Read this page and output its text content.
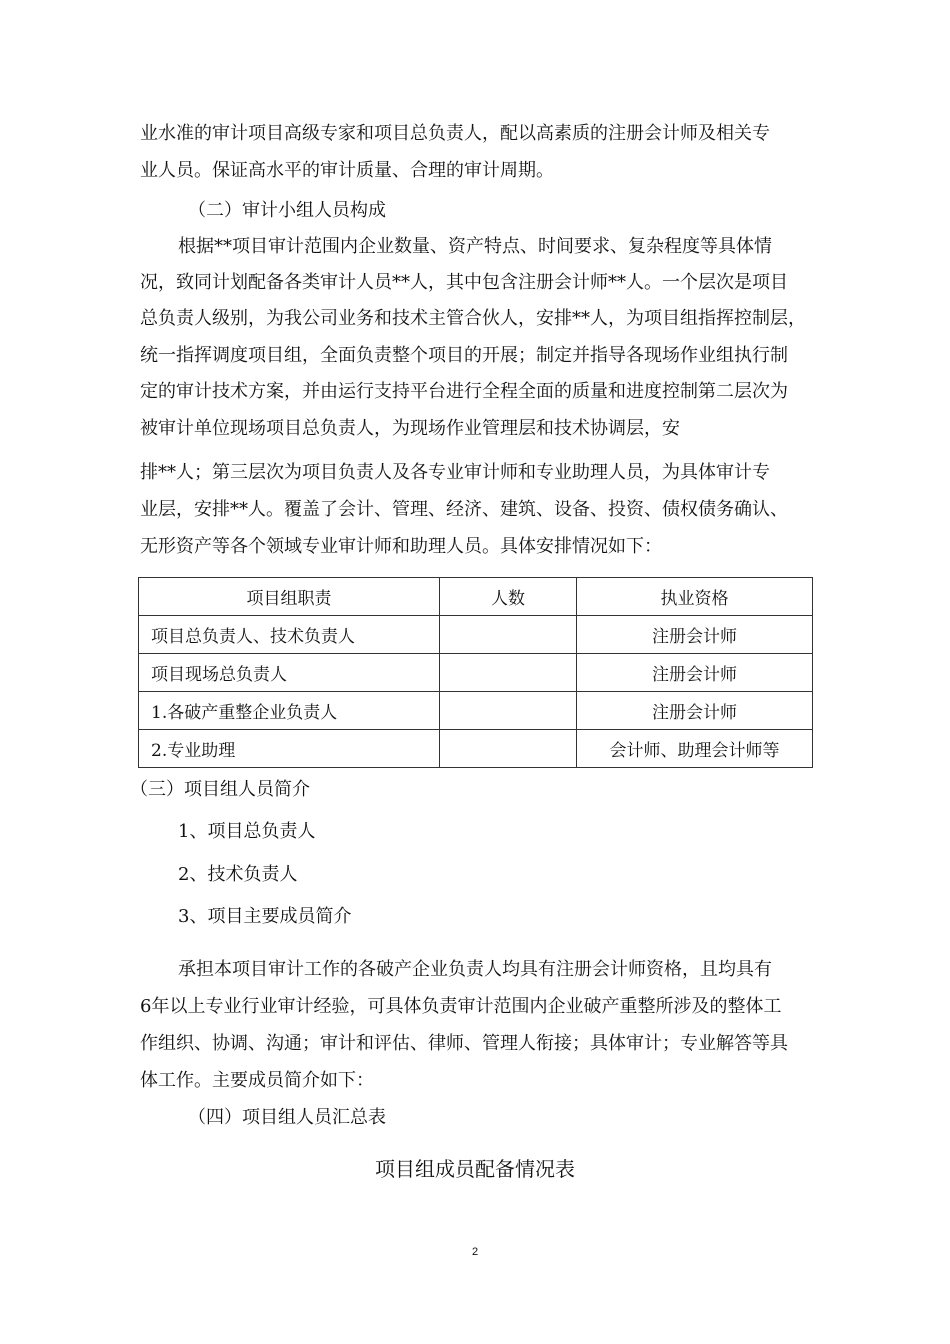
业水准的审计项目高级专家和项目总负责人，配以高素质的注册会计师及相关专
业人员。保证高水平的审计质量、合理的审计周期。
（二）审计小组人员构成
根据**项目审计范围内企业数量、资产特点、时间要求、复杂程度等具体情
况，致同计划配备各类审计人员**人，其中包含注册会计师**人。一个层次是项目
总负责人级别，为我公司业务和技术主管合伙人，安排**人，为项目组指挥控制层，
统一指挥调度项目组，全面负责整个项目的开展；制定并指导各现场作业组执行制
定的审计技术方案，并由运行支持平台进行全程全面的质量和进度控制第二层次为
被审计单位现场项目总负责人，为现场作业管理层和技术协调层，安
排**人；第三层次为项目负责人及各专业审计师和专业助理人员，为具体审计专
业层，安排**人。覆盖了会计、管理、经济、建筑、设备、投资、债权债务确认、
无形资产等各个领域专业审计师和助理人员。具体安排情况如下：
项目组职责	人数	执业资格
项目总负责人、技术负责人		注册会计师
项目现场总负责人		注册会计师
1.各破产重整企业负责人		注册会计师
2.专业助理		会计师、助理会计师等
（三）项目组人员简介
1、项目总负责人
2、技术负责人
3、项目主要成员简介
承担本项目审计工作的各破产企业负责人均具有注册会计师资格，且均具有
6年以上专业行业审计经验，可具体负责审计范围内企业破产重整所涉及的整体工
作组织、协调、沟通；审计和评估、律师、管理人衔接；具体审计；专业解答等具
体工作。主要成员简介如下：
（四）项目组人员汇总表
项目组成员配备情况表
2
